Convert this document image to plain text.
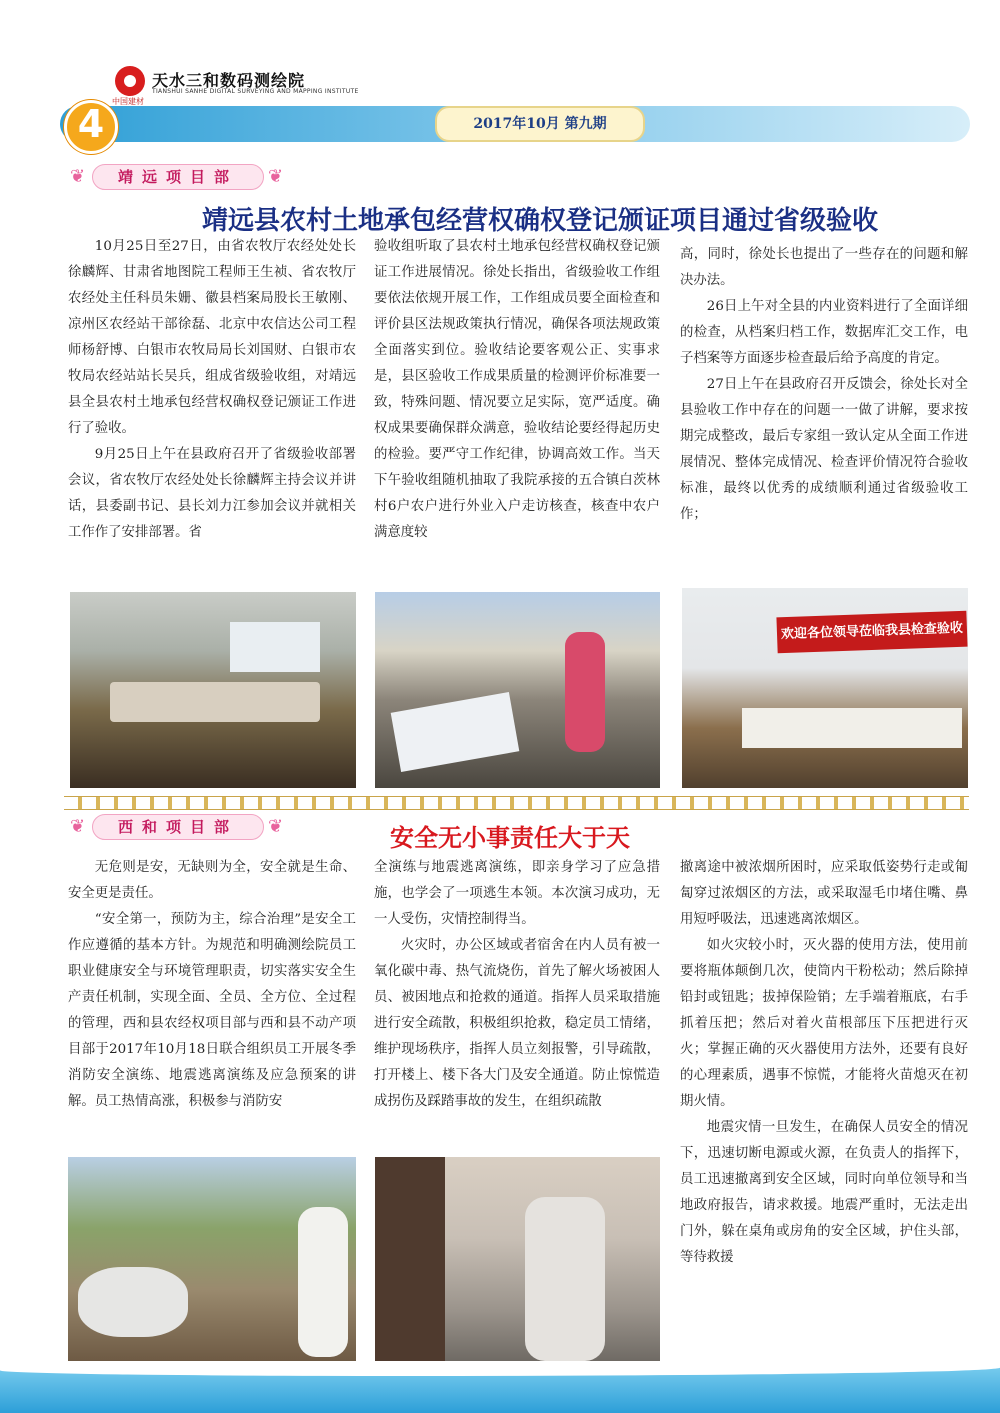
中国建材
天水三和数码测绘院
TIANSHUI SANHE DIGITAL SURVEYING AND MAPPING INSTITUTE
2017年10月 第九期
4
❦	靖远项目部	❦
靖远县农村土地承包经营权确权登记颁证项目通过省级验收

10月25日至27日，由省农牧厅农经处处长徐麟辉、甘肃省地图院工程师王生祯、省农牧厅农经处主任科员朱姗、徽县档案局股长王敏刚、凉州区农经站干部徐磊、北京中农信达公司工程师杨舒博、白银市农牧局局长刘国财、白银市农牧局农经站站长吴兵，组成省级验收组，对靖远县全县农村土地承包经营权确权登记颁证工作进行了验收。

9月25日上午在县政府召开了省级验收部署会议，省农牧厅农经处处长徐麟辉主持会议并讲话，县委副书记、县长刘力江参加会议并就相关工作作了安排部署。省

验收组听取了县农村土地承包经营权确权登记颁证工作进展情况。徐处长指出，省级验收工作组要依法依规开展工作，工作组成员要全面检查和评价县区法规政策执行情况，确保各项法规政策全面落实到位。验收结论要客观公正、实事求是，县区验收工作成果质量的检测评价标准要一致，特殊问题、情况要立足实际，宽严适度。确权成果要确保群众满意，验收结论要经得起历史的检验。要严守工作纪律，协调高效工作。当天下午验收组随机抽取了我院承接的五合镇白茨林村6户农户进行外业入户走访核查，核查中农户满意度较

高，同时，徐处长也提出了一些存在的问题和解决办法。

26日上午对全县的内业资料进行了全面详细的检查，从档案归档工作，数据库汇交工作，电子档案等方面逐步检查最后给予高度的肯定。

27日上午在县政府召开反馈会，徐处长对全县验收工作中存在的问题一一做了讲解，要求按期完成整改，最后专家组一致认定从全面工作进展情况、整体完成情况、检查评价情况符合验收标准，最终以优秀的成绩顺利通过省级验收工作；

欢迎各位领导莅临我县检查验收
❦	西和项目部	❦	安全无小事责任大于天

无危则是安，无缺则为全，安全就是生命、安全更是责任。

“安全第一，预防为主，综合治理”是安全工作应遵循的基本方针。为规范和明确测绘院员工职业健康安全与环境管理职责，切实落实安全生产责任机制，实现全面、全员、全方位、全过程的管理，西和县农经权项目部与西和县不动产项目部于2017年10月18日联合组织员工开展冬季消防安全演练、地震逃离演练及应急预案的讲解。员工热情高涨，积极参与消防安

全演练与地震逃离演练，即亲身学习了应急措施，也学会了一项逃生本领。本次演习成功，无一人受伤，灾情控制得当。

火灾时，办公区域或者宿舍在内人员有被一氧化碳中毒、热气流烧伤，首先了解火场被困人员、被困地点和抢救的通道。指挥人员采取措施进行安全疏散，积极组织抢救，稳定员工情绪，维护现场秩序，指挥人员立刻报警，引导疏散，打开楼上、楼下各大门及安全通道。防止惊慌造成拐伤及踩踏事故的发生，在组织疏散

撤离途中被浓烟所困时，应采取低姿势行走或匍匐穿过浓烟区的方法，或采取湿毛巾堵住嘴、鼻用短呼吸法，迅速逃离浓烟区。

如火灾较小时，灭火器的使用方法，使用前要将瓶体颠倒几次，使筒内干粉松动；然后除掉铅封或钮匙；拔掉保险销；左手端着瓶底，右手抓着压把；然后对着火苗根部压下压把进行灭火；掌握正确的灭火器使用方法外，还要有良好的心理素质，遇事不惊慌，才能将火苗熄灭在初期火情。

地震灾情一旦发生，在确保人员安全的情况下，迅速切断电源或火源，在负责人的指挥下，员工迅速撤离到安全区域，同时向单位领导和当地政府报告，请求救援。地震严重时，无法走出门外，躲在桌角或房角的安全区域，护住头部，等待救援

www.shsmch.com
